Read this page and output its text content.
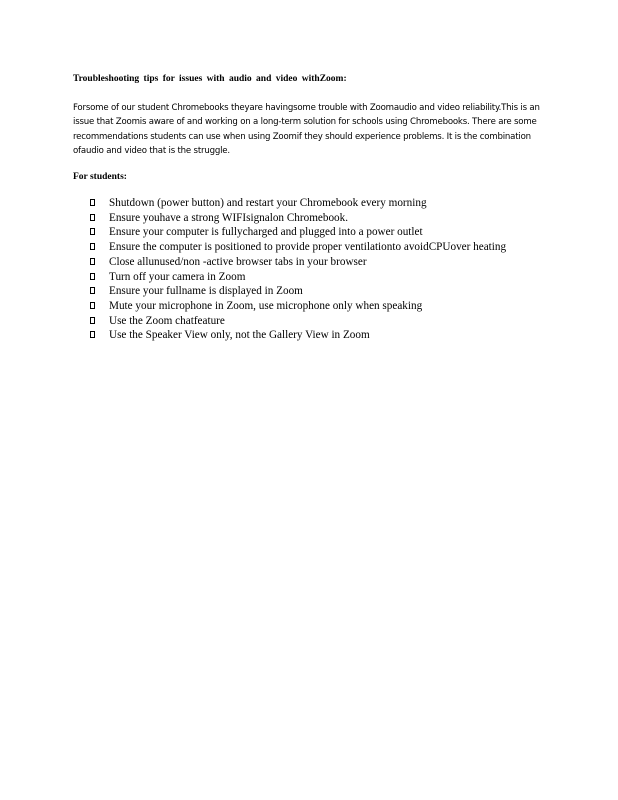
Troubleshooting tips for issues with audio and video withZoom:
Forsome of our student Chromebooks theyare havingsome trouble with Zoomaudio and video reliability.This is an issue that Zoomis aware of and working on a long-term solution for schools using Chromebooks. There are some recommendations students can use when using Zoomif they should experience problems. It is the combination ofaudio and video that is the struggle.
For students:
Shutdown (power button) and restart your Chromebook every morning
Ensure youhave a strong WIFIsignalon Chromebook.
Ensure your computer is fullycharged and plugged into a power outlet
Ensure the computer is positioned to provide proper ventilationto avoidCPUover heating
Close allunused/non -active browser tabs in your browser
Turn off your camera in Zoom
Ensure your fullname is displayed in Zoom
Mute your microphone in Zoom, use microphone only when speaking
Use the Zoom chatfeature
Use the Speaker View only, not the Gallery View in Zoom
